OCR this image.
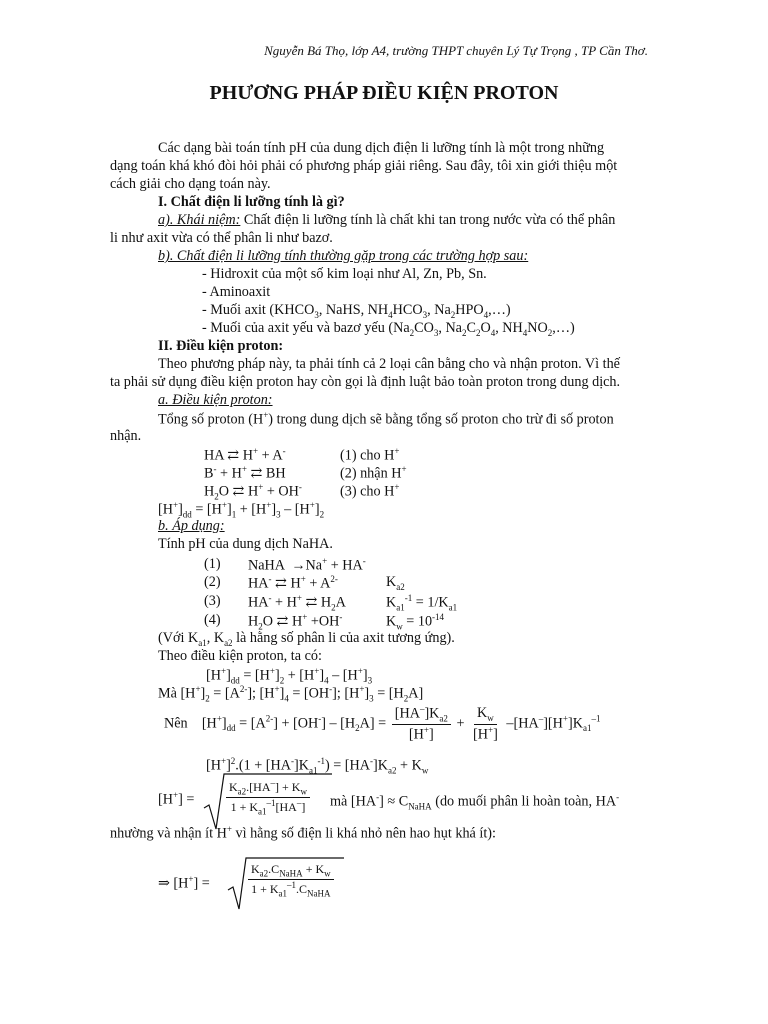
Nguyễn Bá Thọ, lớp A4, trường THPT chuyên Lý Tự Trọng , TP Cần Thơ.
PHƯƠNG PHÁP ĐIỀU KIỆN PROTON
Các dạng bài toán tính pH của dung dịch điện li lưỡng tính là một trong những
dạng toán khá khó đòi hỏi phải có phương pháp giải riêng. Sau đây, tôi xin giới thiệu một
cách giải cho dạng toán này.
I. Chất điện li lưỡng tính là gì?
a). Khái niệm: Chất điện li lưỡng tính là chất khi tan trong nước vừa có thể phân
li như axit vừa có thể phân li như bazơ.
b). Chất điện li lưỡng tính thường gặp trong các trường hợp sau:
- Hidroxit của một số kim loại như Al, Zn, Pb, Sn.
- Aminoaxit
- Muối axit ($KHCO_3$, NaHS, $NH_4HCO_3$, $Na_2HPO_4,\dots$)
- Muối của axit yếu và bazơ yếu ($Na_2CO_3$, $Na_2C_2O_4$, $NH_4NO_2,\dots$)
II. Điều kiện proton:
Theo phương pháp này, ta phải tính cả 2 loại cân bằng cho và nhận proton. Vì thế
ta phải sử dụng điều kiện proton hay còn gọi là định luật bảo toàn proton trong dung dịch.
a. Điều kiện proton:
Tổng số proton (H+) trong dung dịch sẽ bằng tổng số proton cho trừ đi số proton
nhận.
HA ⇄ H+ + A-	(1) cho H+
B- + H+ ⇄ BH	(2) nhận H+
$H_2O$ ⇄ H+ + OH-	(3) cho H+
$[H^+]_{dd} = [H^+]_1 + [H^+]_3 - [H^+]_2$
b. Áp dụng:
Tính pH của dung dịch NaHA.
(1) NaHA  →Na+ + HA-
(2) HA- ⇄ $H^+ + A^{2-}$	$K_{a2}$
(3) HA- + H+ ⇄ $H_2A$	$K_{a1}^{-1} = 1/K_{a1}$
(4) $H_2O$ ⇄ H+ +OH-	$K_w = 10^{-14}$
(Với $K_{a1}$, $K_{a2}$ là hằng số phân li của axit tương ứng).
Theo điều kiện proton, ta có:
$[H^+]_{dd} = [H^+]_2 + [H^+]_4 - [H^+]_3$
Mà $[H^+]_2 = [A^{2-}]$; $[H^+]_4 = [OH^-]$; $[H^+]_3 = [H_2A]$
Nên    $[H^+]_{dd} = [A^{2-}] + [OH^-] - [H_2A] = \frac{[HA^-]K_{a2}}{[H^+]} + \frac{K_w}{[H^+]} -[HA^-][H^+]K_{a1}^{-1}$
$[H^+]^2.(1 + [HA^-]K_{a1}^{-1}) = [HA^-]K_{a2} + K_w$
[H+] =	$\frac{K_{a2}.[HA^-] + K_w}{1 + K_{a1}^{-1}[HA^-]}$ mà $[HA^-] \approx C_{NaHA}$ (do muối phân li hoàn toàn, HA-
nhường và nhận ít H+ vì hằng số điện li khá nhỏ nên hao hụt khá ít):
⇒ [H+] =	$\frac{K_{a2}.C_{NaHA} + K_w}{1 + K_{a1}^{-1}.C_{NaHA}}$
